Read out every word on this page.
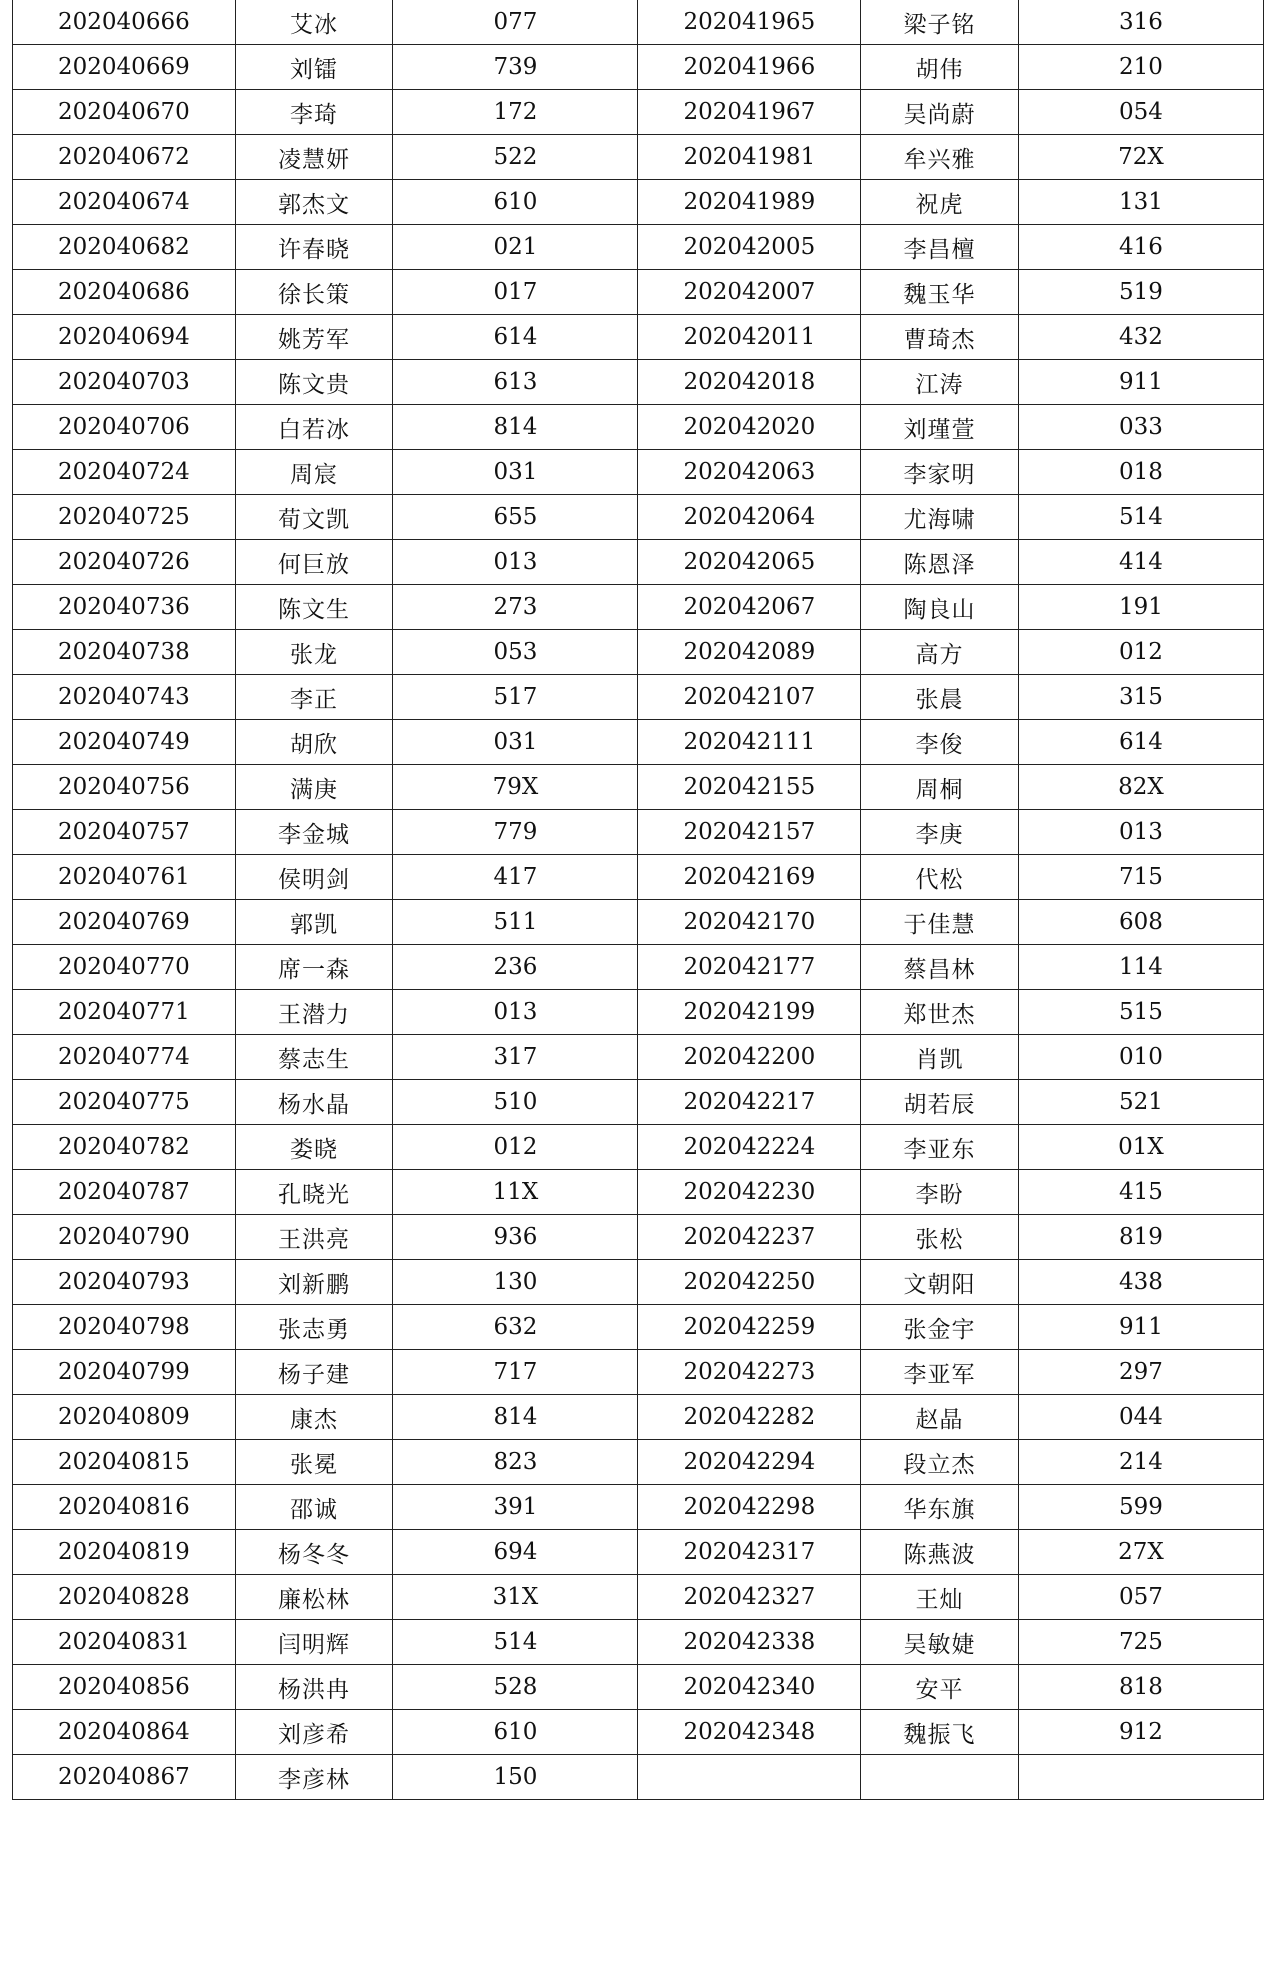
202040666	艾冰	077	202041965	梁子铭	316
202040669	刘镭	739	202041966	胡伟	210
202040670	李琦	172	202041967	吴尚蔚	054
202040672	凌慧妍	522	202041981	牟兴雅	72X
202040674	郭杰文	610	202041989	祝虎	131
202040682	许春晓	021	202042005	李昌檀	416
202040686	徐长策	017	202042007	魏玉华	519
202040694	姚芳军	614	202042011	曹琦杰	432
202040703	陈文贵	613	202042018	江涛	911
202040706	白若冰	814	202042020	刘瑾萱	033
202040724	周宸	031	202042063	李家明	018
202040725	荀文凯	655	202042064	尤海啸	514
202040726	何巨放	013	202042065	陈恩泽	414
202040736	陈文生	273	202042067	陶良山	191
202040738	张龙	053	202042089	高方	012
202040743	李正	517	202042107	张晨	315
202040749	胡欣	031	202042111	李俊	614
202040756	满庚	79X	202042155	周桐	82X
202040757	李金城	779	202042157	李庚	013
202040761	侯明剑	417	202042169	代松	715
202040769	郭凯	511	202042170	于佳慧	608
202040770	席一森	236	202042177	蔡昌林	114
202040771	王潜力	013	202042199	郑世杰	515
202040774	蔡志生	317	202042200	肖凯	010
202040775	杨水晶	510	202042217	胡若辰	521
202040782	娄晓	012	202042224	李亚东	01X
202040787	孔晓光	11X	202042230	李盼	415
202040790	王洪亮	936	202042237	张松	819
202040793	刘新鹏	130	202042250	文朝阳	438
202040798	张志勇	632	202042259	张金宇	911
202040799	杨子建	717	202042273	李亚军	297
202040809	康杰	814	202042282	赵晶	044
202040815	张冕	823	202042294	段立杰	214
202040816	邵诚	391	202042298	华东旗	599
202040819	杨冬冬	694	202042317	陈燕波	27X
202040828	廉松林	31X	202042327	王灿	057
202040831	闫明辉	514	202042338	吴敏婕	725
202040856	杨洪冉	528	202042340	安平	818
202040864	刘彦希	610	202042348	魏振飞	912
202040867	李彦林	150			
